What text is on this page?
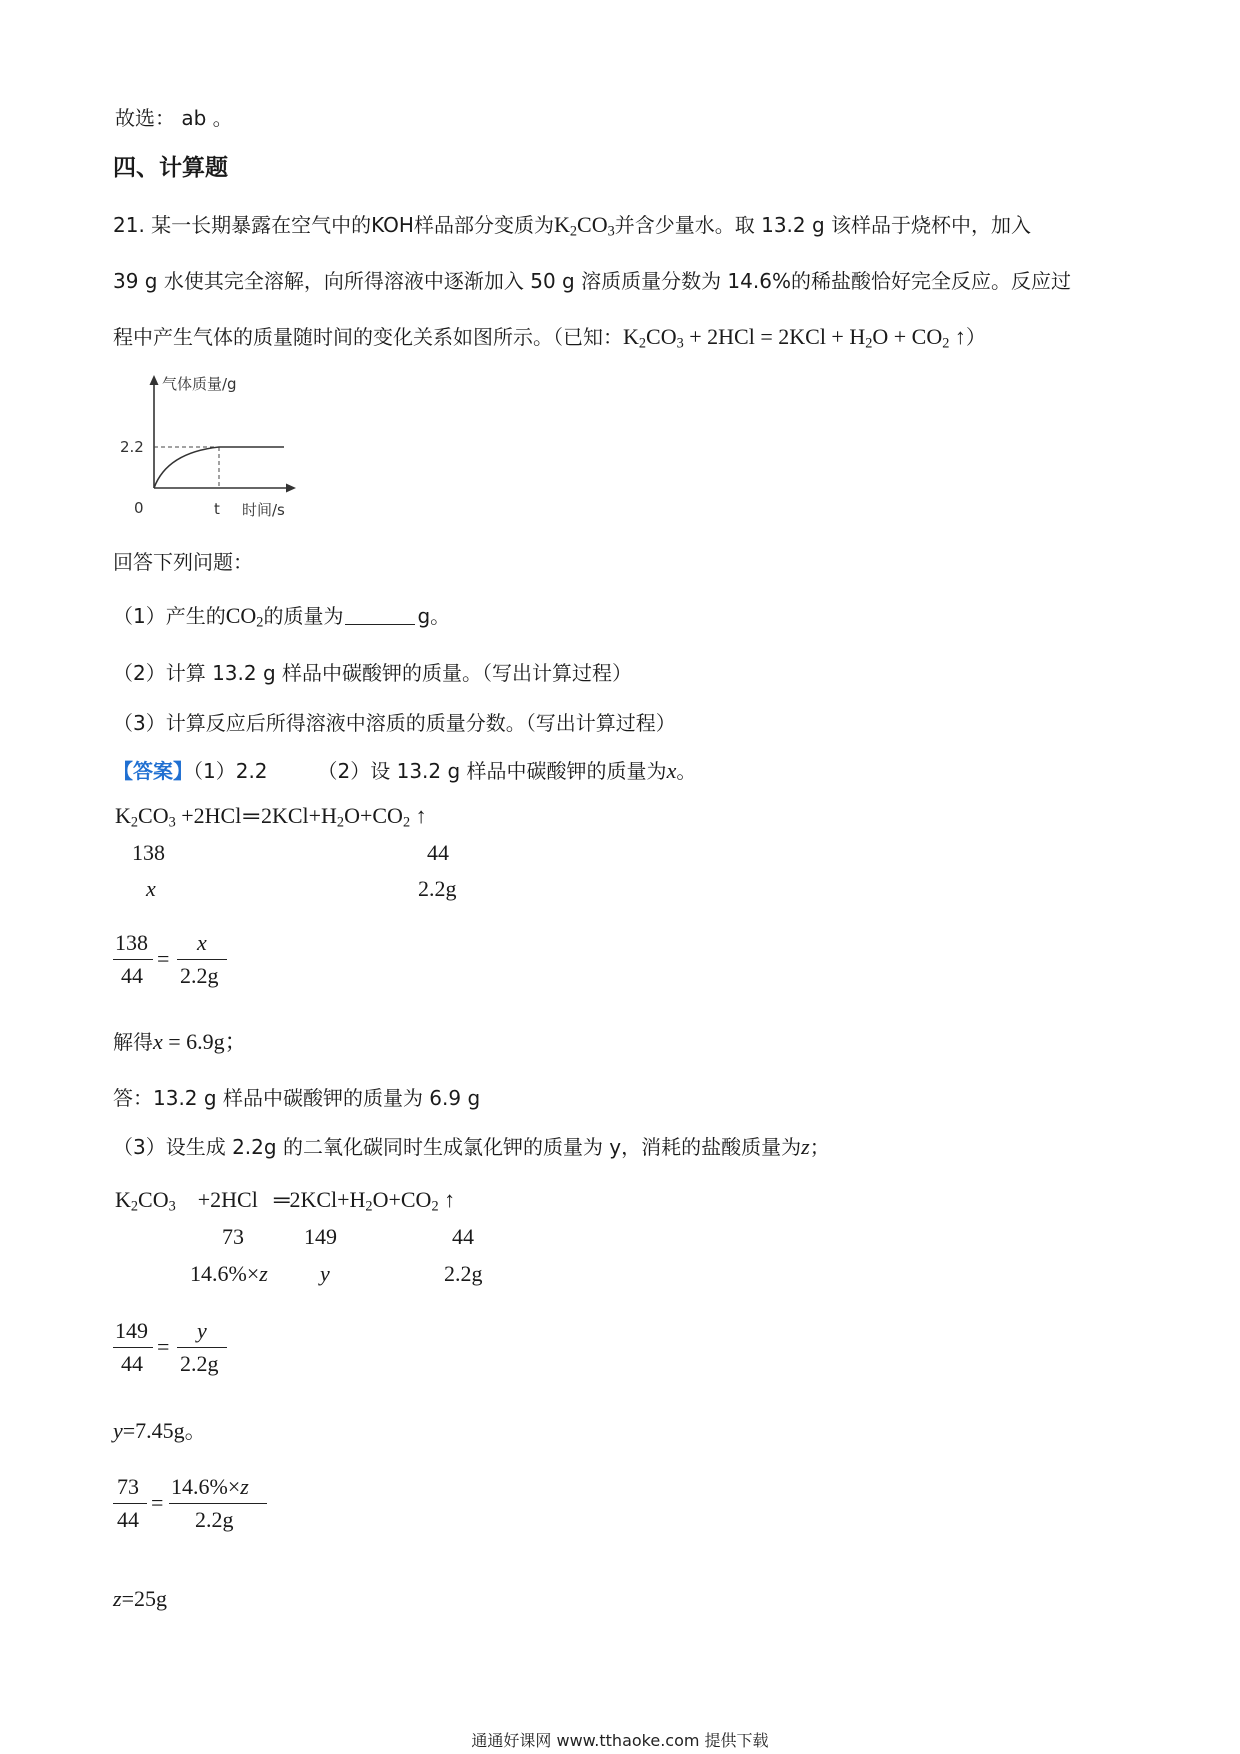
故选： ab 。
四、计算题
21. 某一长期暴露在空气中的KOH样品部分变质为$K_2CO_3$并含少量水。取 13.2 g 该样品于烧杯中，加入
39 g 水使其完全溶解，向所得溶液中逐渐加入 50 g 溶质质量分数为 14.6%的稀盐酸恰好完全反应。反应过
程中产生气体的质量随时间的变化关系如图所示。（已知：$K_2CO_3 + 2HCl = 2KCl + H_2O + CO_2$ ↑）
气体质量/g
2.2
0	t 时间/s
回答下列问题：
（1）产生的$CO_2$的质量为	g。
（2）计算 13.2 g 样品中碳酸钾的质量。（写出计算过程）
（3）计算反应后所得溶液中溶质的质量分数。（写出计算过程）
【答案】（1）2.2	（2）设 13.2 g 样品中碳酸钾的质量为x。
$K_2CO_3$ $+2HCl═2KCl+H_2O+CO_2$ ↑
138	44
x	2.2g
138
44
=
x
2.2g
解得x = 6.9g；
答：13.2 g 样品中碳酸钾的质量为 6.9 g
（3）设生成 2.2g 的二氧化碳同时生成氯化钾的质量为 y，消耗的盐酸质量为z；
$K_2CO_3 +2HCl$ $═2KCl+H_2O+CO_2$ ↑
73	149	44
14.6%×z y	2.2g
149
44
=
y
2.2g
y=7.45g。
73
44
=
14.6%×z
2.2g
z=25g
通通好课网 www.tthaoke.com 提供下载
